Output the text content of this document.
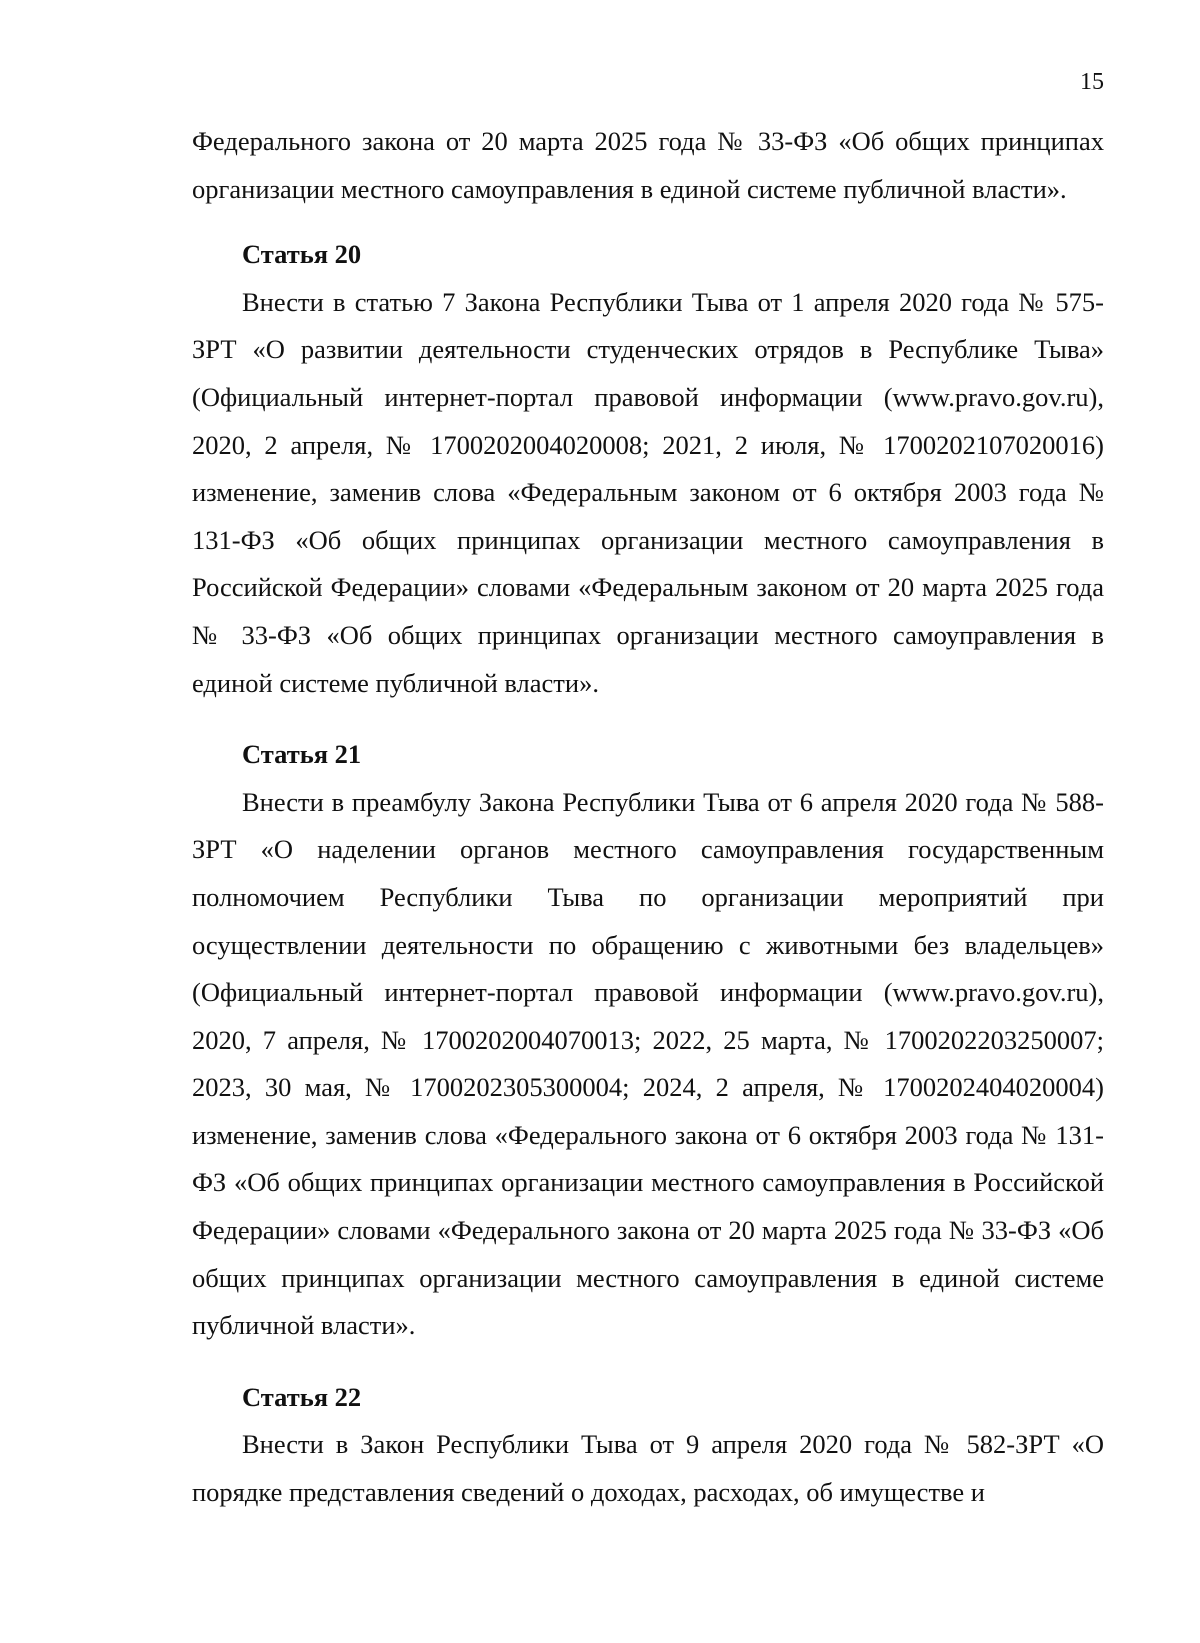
15

Федерального закона от 20 марта 2025 года № 33-ФЗ «Об общих принципах организации местного самоуправления в единой системе публичной власти».

Статья 20

Внести в статью 7 Закона Республики Тыва от 1 апреля 2020 года № 575-ЗРТ «О развитии деятельности студенческих отрядов в Республике Тыва» (Официальный интернет-портал правовой информации (www.pravo.gov.ru), 2020, 2 апреля, № 1700202004020008; 2021, 2 июля, № 1700202107020016) изменение, заменив слова «Федеральным законом от 6 октября 2003 года № 131-ФЗ «Об общих принципах организации местного самоуправления в Российской Федерации» словами «Федеральным законом от 20 марта 2025 года № 33-ФЗ «Об общих принципах организации местного самоуправления в единой системе публичной власти».

Статья 21

Внести в преамбулу Закона Республики Тыва от 6 апреля 2020 года № 588-ЗРТ «О наделении органов местного самоуправления государственным полномочием Республики Тыва по организации мероприятий при осуществлении деятельности по обращению с животными без владельцев» (Официальный интернет-портал правовой информации (www.pravo.gov.ru), 2020, 7 апреля, № 1700202004070013; 2022, 25 марта, № 1700202203250007; 2023, 30 мая, № 1700202305300004; 2024, 2 апреля, № 1700202404020004) изменение, заменив слова «Федерального закона от 6 октября 2003 года № 131-ФЗ «Об общих принципах организации местного самоуправления в Российской Федерации» словами «Федерального закона от 20 марта 2025 года № 33-ФЗ «Об общих принципах организации местного самоуправления в единой системе публичной власти».

Статья 22

Внести в Закон Республики Тыва от 9 апреля 2020 года № 582-ЗРТ «О порядке представления сведений о доходах, расходах, об имуществе и
